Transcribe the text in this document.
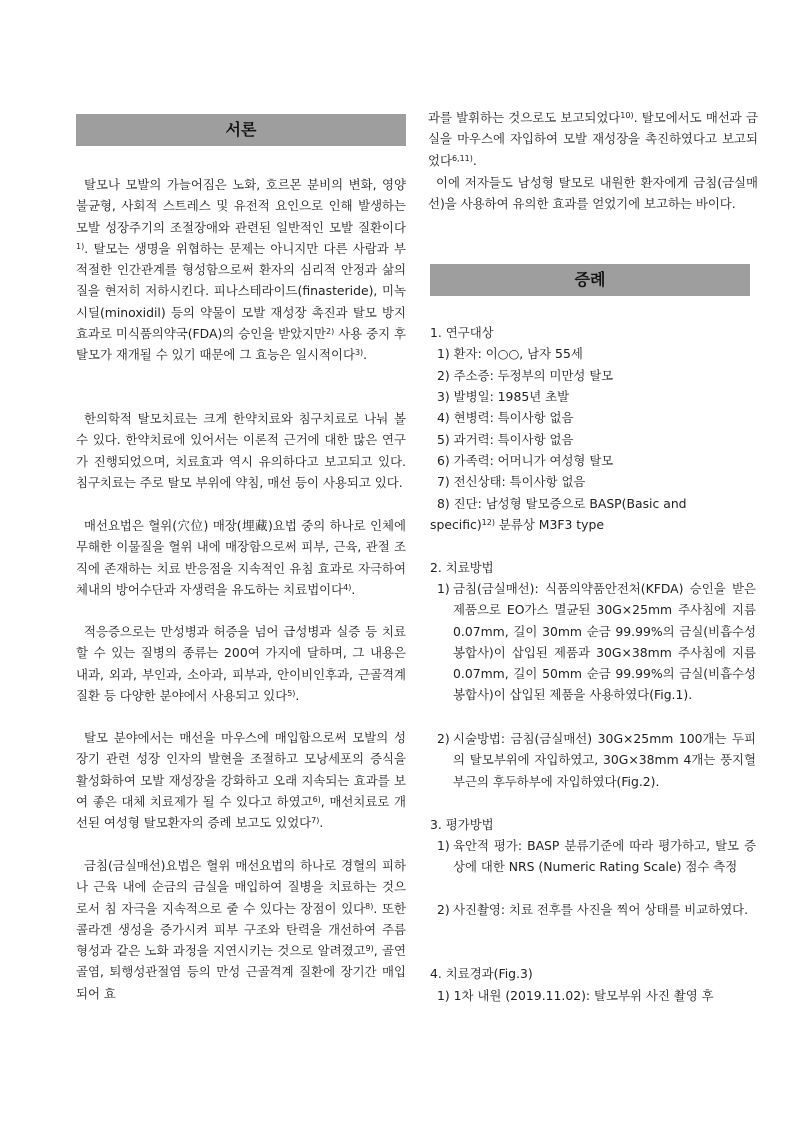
서론

탈모나 모발의 가늘어짐은 노화, 호르몬 분비의 변화, 영양 불균형, 사회적 스트레스 및 유전적 요인으로 인해 발생하는 모발 성장주기의 조절장애와 관련된 일반적인 모발 질환이다$^{1)}$. 탈모는 생명을 위협하는 문제는 아니지만 다른 사람과 부적절한 인간관계를 형성함으로써 환자의 심리적 안정과 삶의 질을 현저히 저하시킨다. 피나스테라이드(finasteride), 미녹시딜(minoxidil) 등의 약물이 모발 재성장 촉진과 탈모 방지 효과로 미식품의약국(FDA)의 승인을 받았지만$^{2)}$ 사용 중지 후 탈모가 재개될 수 있기 때문에 그 효능은 일시적이다$^{3)}$.

한의학적 탈모치료는 크게 한약치료와 침구치료로 나눠 볼 수 있다. 한약치료에 있어서는 이론적 근거에 대한 많은 연구가 진행되었으며, 치료효과 역시 유의하다고 보고되고 있다. 침구치료는 주로 탈모 부위에 약침, 매선 등이 사용되고 있다.

매선요법은 혈위(穴位) 매장(埋藏)요법 중의 하나로 인체에 무해한 이물질을 혈위 내에 매장함으로써 피부, 근육, 관절 조직에 존재하는 치료 반응점을 지속적인 유침 효과로 자극하여 체내의 방어수단과 자생력을 유도하는 치료법이다$^{4)}$.

적응증으로는 만성병과 허증을 넘어 급성병과 실증 등 치료할 수 있는 질병의 종류는 200여 가지에 달하며, 그 내용은 내과, 외과, 부인과, 소아과, 피부과, 안이비인후과, 근골격계 질환 등 다양한 분야에서 사용되고 있다$^{5)}$.

탈모 분야에서는 매선을 마우스에 매입함으로써 모발의 성장기 관련 성장 인자의 발현을 조절하고 모낭세포의 증식을 활성화하여 모발 재성장을 강화하고 오래 지속되는 효과를 보여 좋은 대체 치료제가 될 수 있다고 하였고$^{6)}$, 매선치료로 개선된 여성형 탈모환자의 증례 보고도 있었다$^{7)}$.

금침(금실매선)요법은 혈위 매선요법의 하나로 경혈의 피하나 근육 내에 순금의 금실을 매입하여 질병을 치료하는 것으로서 침 자극을 지속적으로 줄 수 있다는 장점이 있다$^{8)}$. 또한 콜라겐 생성을 증가시켜 피부 구조와 탄력을 개선하여 주름 형성과 같은 노화 과정을 지연시키는 것으로 알려졌고$^{9)}$, 골연골염, 퇴행성관절염 등의 만성 근골격계 질환에 장기간 매입되어 효

과를 발휘하는 것으로도 보고되었다$^{10)}$. 탈모에서도 매선과 금실을 마우스에 자입하여 모발 재성장을 촉진하였다고 보고되었다$^{6,11)}$.

이에 저자들도 남성형 탈모로 내원한 환자에게 금침(금실매선)을 사용하여 유의한 효과를 얻었기에 보고하는 바이다.

증례
1. 연구대상
1) 환자: 이○○, 남자 55세
2) 주소증: 두정부의 미만성 탈모
3) 발병일: 1985년 초발
4) 현병력: 특이사항 없음
5) 과거력: 특이사항 없음
6) 가족력: 어머니가 여성형 탈모
7) 전신상태: 특이사항 없음
8) 진단: 남성형 탈모증으로 BASP(Basic and
specific)$^{12)}$ 분류상 M3F3 type
2. 치료방법
1) 금침(금실매선): 식품의약품안전처(KFDA) 승인을 받은 제품으로 EO가스 멸균된 30G×25mm 주사침에 지름 0.07mm, 길이 30mm 순금 99.99%의 금실(비흡수성봉합사)이 삽입된 제품과 30G×38mm 주사침에 지름 0.07mm, 길이 50mm 순금 99.99%의 금실(비흡수성봉합사)이 삽입된 제품을 사용하였다(Fig.1).

2) 시술방법: 금침(금실매선) 30G×25mm 100개는 두피의 탈모부위에 자입하였고, 30G×38mm 4개는 풍지혈 부근의 후두하부에 자입하였다(Fig.2).

3. 평가방법
1) 육안적 평가: BASP 분류기준에 따라 평가하고, 탈모 증상에 대한 NRS (Numeric Rating Scale) 점수 측정

2) 사진촬영: 치료 전후를 사진을 찍어 상태를 비교하였다.

4. 치료경과(Fig.3)
1) 1차 내원 (2019.11.02): 탈모부위 사진 촬영 후
